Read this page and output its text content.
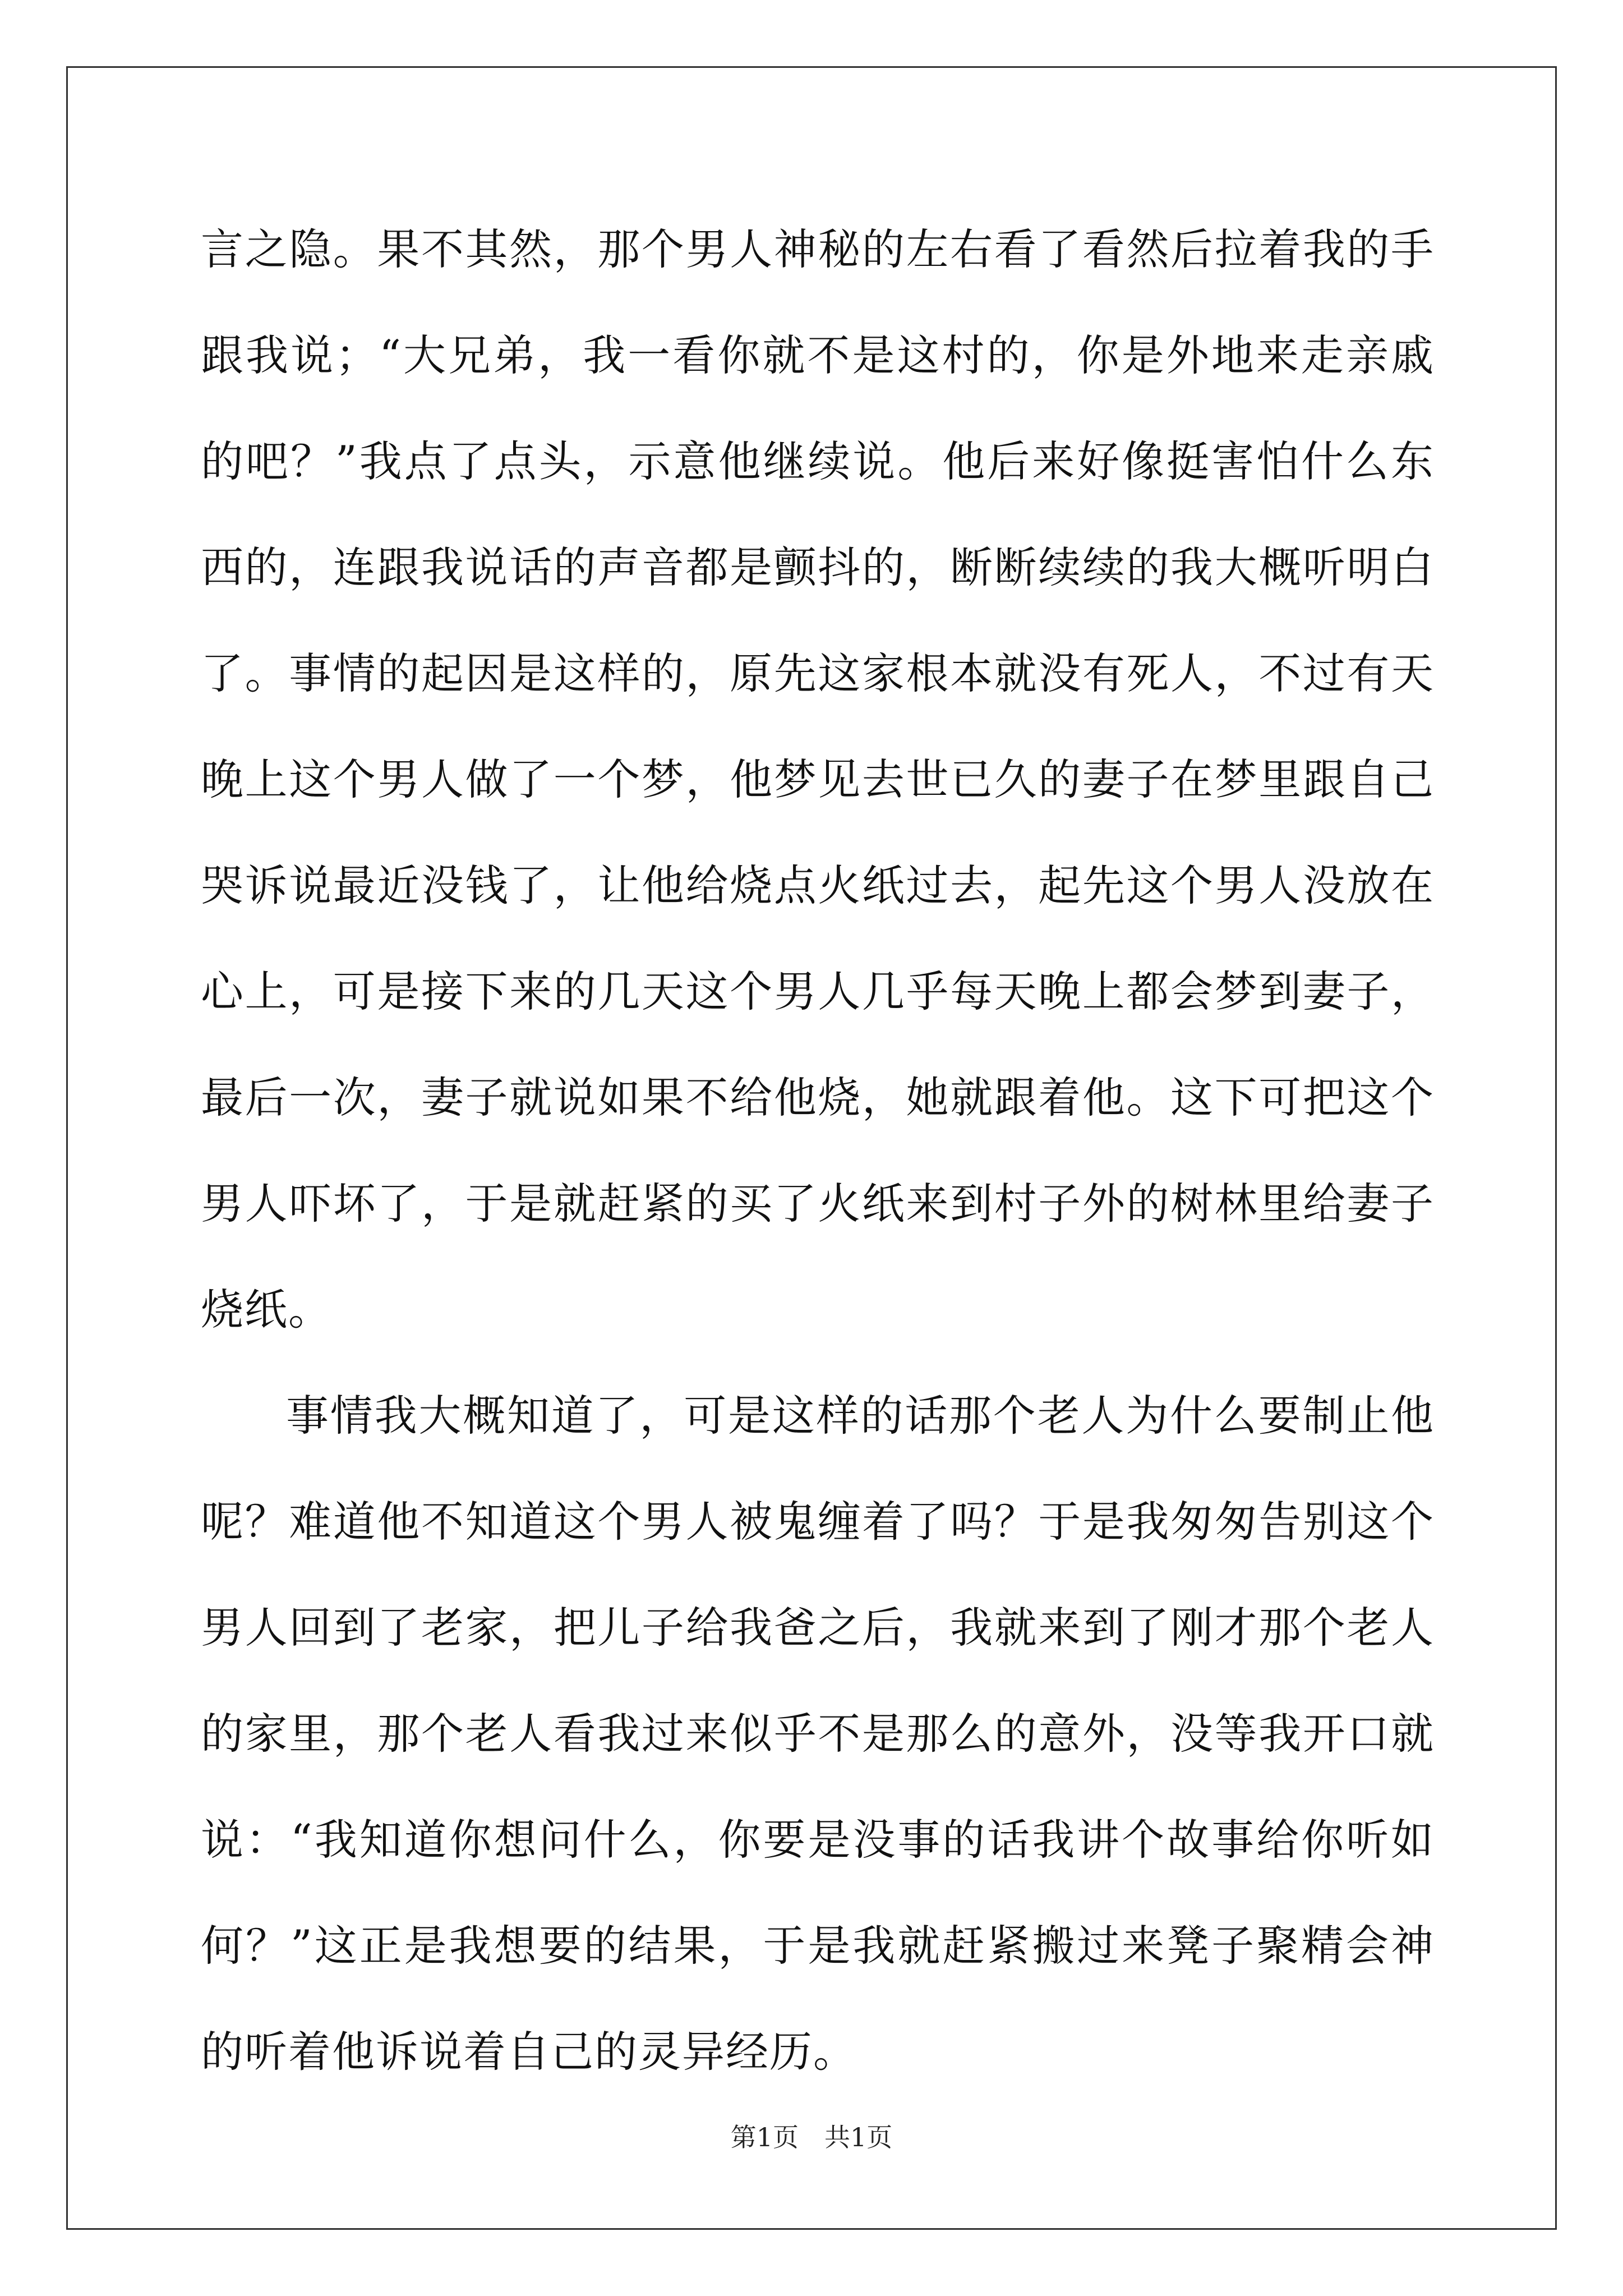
言之隐。果不其然，那个男人神秘的左右看了看然后拉着我的手跟我说；“大兄弟，我一看你就不是这村的，你是外地来走亲戚的吧？”我点了点头，示意他继续说。他后来好像挺害怕什么东西的，连跟我说话的声音都是颤抖的，断断续续的我大概听明白了。事情的起因是这样的，原先这家根本就没有死人，不过有天晚上这个男人做了一个梦，他梦见去世已久的妻子在梦里跟自己哭诉说最近没钱了，让他给烧点火纸过去，起先这个男人没放在心上，可是接下来的几天这个男人几乎每天晚上都会梦到妻子，最后一次，妻子就说如果不给他烧，她就跟着他。这下可把这个男人吓坏了，于是就赶紧的买了火纸来到村子外的树林里给妻子烧纸。

事情我大概知道了，可是这样的话那个老人为什么要制止他呢？难道他不知道这个男人被鬼缠着了吗？于是我匆匆告别这个男人回到了老家，把儿子给我爸之后，我就来到了刚才那个老人的家里，那个老人看我过来似乎不是那么的意外，没等我开口就说：“我知道你想问什么，你要是没事的话我讲个故事给你听如何？”这正是我想要的结果，于是我就赶紧搬过来凳子聚精会神的听着他诉说着自己的灵异经历。

第1页　共1页
